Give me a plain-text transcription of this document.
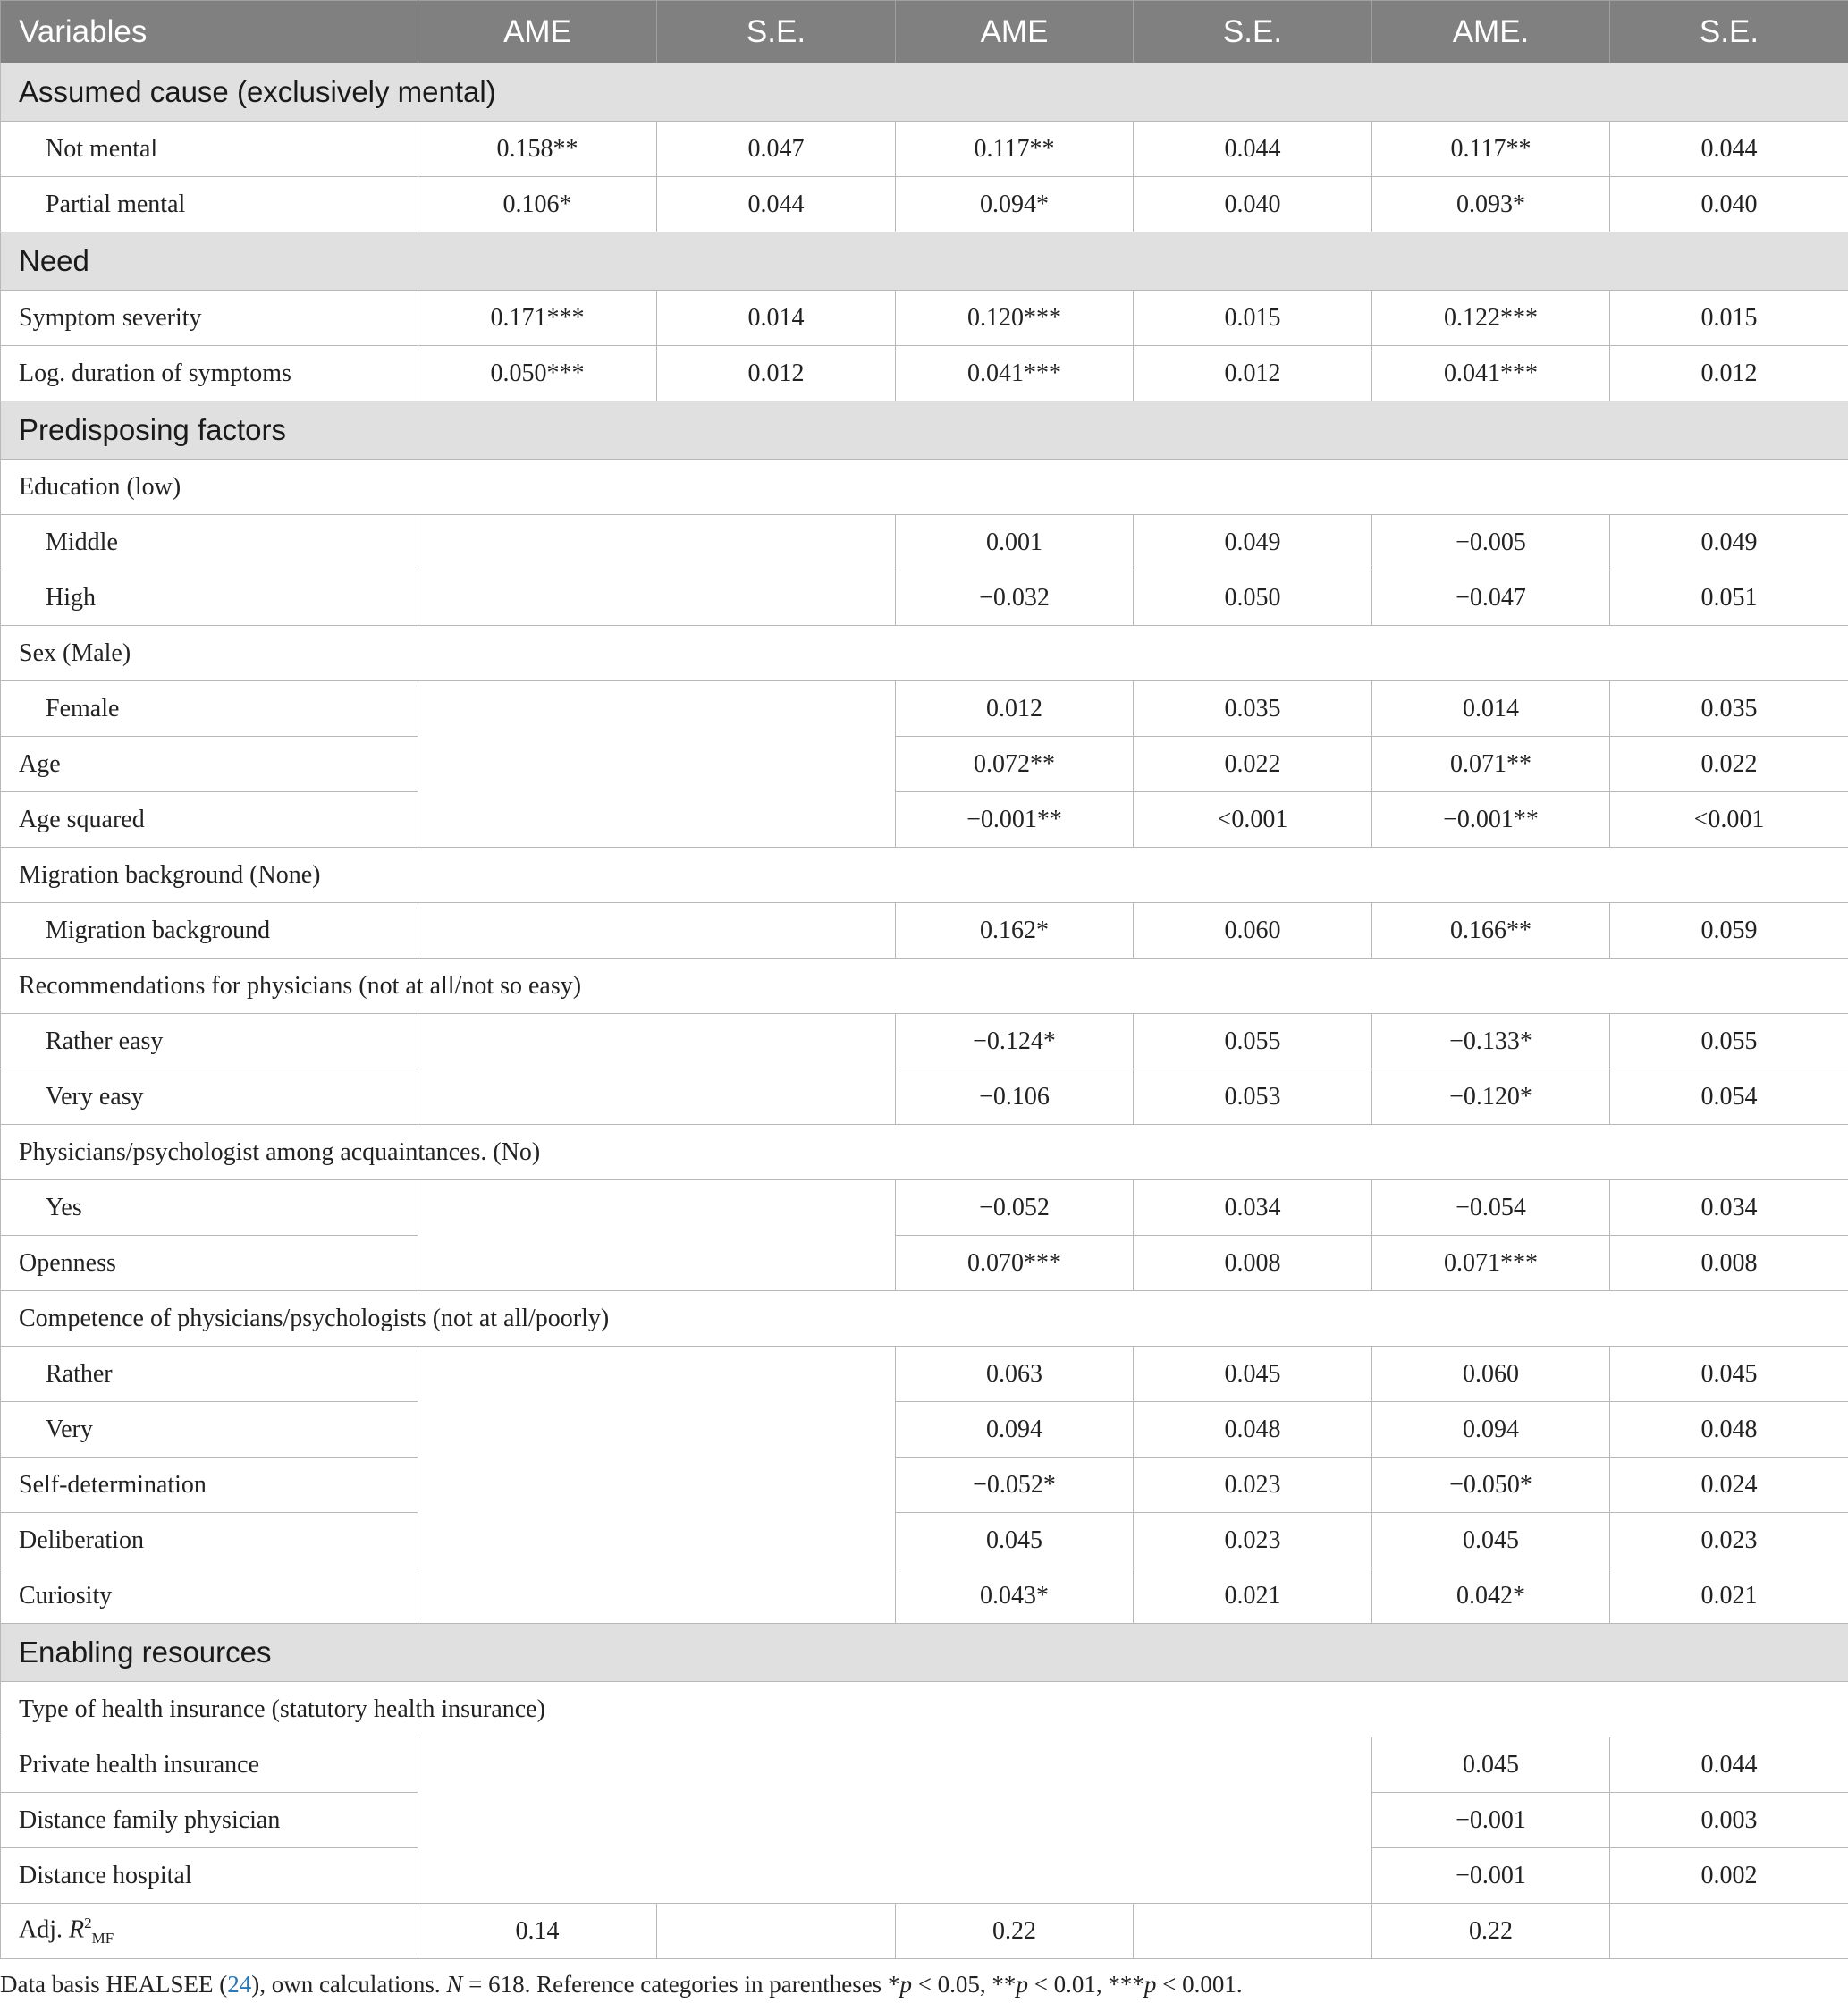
Variables	AME	S.E.	AME	S.E.	AME.	S.E.
Assumed cause (exclusively mental)						
Not mental	0.158**	0.047	0.117**	0.044	0.117**	0.044
Partial mental	0.106*	0.044	0.094*	0.040	0.093*	0.040
Need						
Symptom severity	0.171***	0.014	0.120***	0.015	0.122***	0.015
Log. duration of symptoms	0.050***	0.012	0.041***	0.012	0.041***	0.012
Predisposing factors						
Education (low)						
Middle			0.001	0.049	−0.005	0.049
High			−0.032	0.050	−0.047	0.051
Sex (Male)						
Female			0.012	0.035	0.014	0.035
Age			0.072**	0.022	0.071**	0.022
Age squared			−0.001**	<0.001	−0.001**	<0.001
Migration background (None)						
Migration background			0.162*	0.060	0.166**	0.059
Recommendations for physicians (not at all/not so easy)						
Rather easy			−0.124*	0.055	−0.133*	0.055
Very easy			−0.106	0.053	−0.120*	0.054
Physicians/psychologist among acquaintances. (No)						
Yes			−0.052	0.034	−0.054	0.034
Openness			0.070***	0.008	0.071***	0.008
Competence of physicians/psychologists (not at all/poorly)						
Rather			0.063	0.045	0.060	0.045
Very			0.094	0.048	0.094	0.048
Self-determination			−0.052*	0.023	−0.050*	0.024
Deliberation			0.045	0.023	0.045	0.023
Curiosity			0.043*	0.021	0.042*	0.021
Enabling resources						
Type of health insurance (statutory health insurance)						
Private health insurance					0.045	0.044
Distance family physician					−0.001	0.003
Distance hospital					−0.001	0.002
Adj. $R^2_{MF}$	0.14		0.22		0.22	
Data basis HEALSEE (24), own calculations. N = 618. Reference categories in parentheses *p < 0.05, **p < 0.01, ***p < 0.001.
